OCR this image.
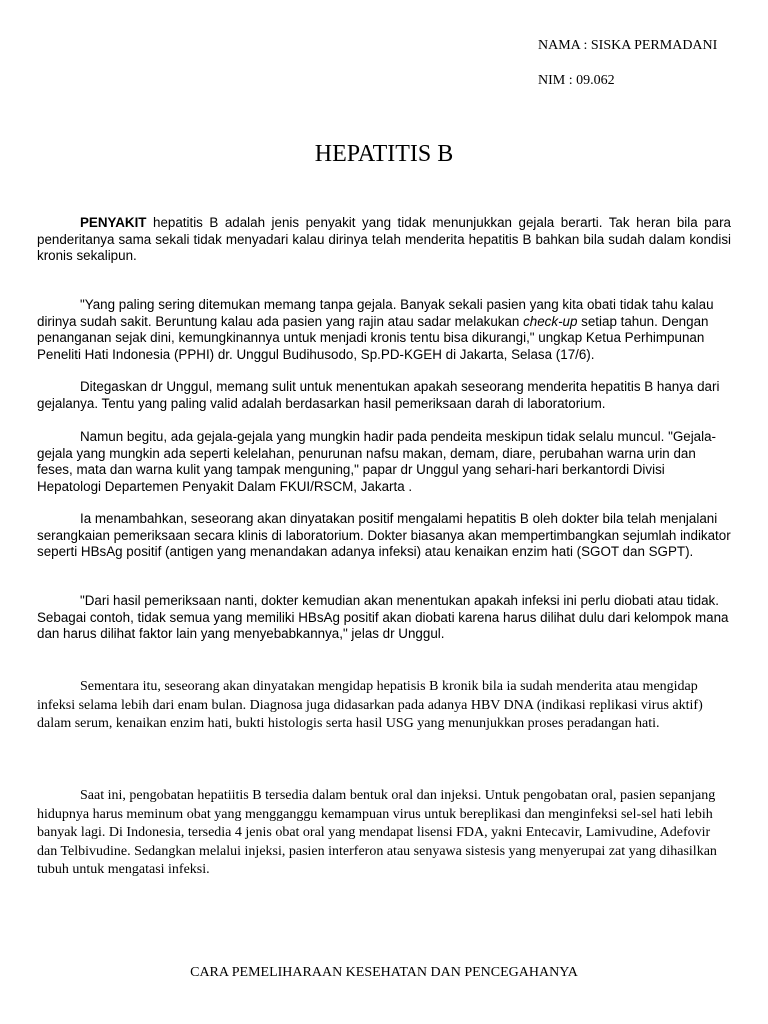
NAMA : SISKA PERMADANI
NIM : 09.062
HEPATITIS B

PENYAKIT hepatitis B adalah jenis penyakit yang tidak menunjukkan gejala berarti. Tak heran bila para penderitanya sama sekali tidak menyadari kalau dirinya telah menderita hepatitis B bahkan bila sudah dalam kondisi kronis sekalipun.

"Yang paling sering ditemukan memang tanpa gejala. Banyak sekali pasien yang kita obati tidak tahu kalau dirinya sudah sakit. Beruntung kalau ada pasien yang rajin atau sadar melakukan check-up setiap tahun. Dengan penanganan sejak dini, kemungkinannya untuk menjadi kronis tentu bisa dikurangi," ungkap Ketua Perhimpunan Peneliti Hati Indonesia (PPHI) dr. Unggul Budihusodo, Sp.PD-KGEH di Jakarta, Selasa (17/6).

Ditegaskan dr Unggul, memang sulit untuk menentukan apakah seseorang menderita hepatitis B hanya dari gejalanya. Tentu yang paling valid adalah berdasarkan hasil pemeriksaan darah di laboratorium.

Namun begitu, ada gejala-gejala yang mungkin hadir pada pendeita meskipun tidak selalu muncul. "Gejala-gejala yang mungkin ada seperti kelelahan, penurunan nafsu makan, demam, diare, perubahan warna urin dan feses, mata dan warna kulit yang tampak menguning," papar dr Unggul yang sehari-hari berkantordi Divisi Hepatologi Departemen Penyakit Dalam FKUI/RSCM, Jakarta .

Ia menambahkan, seseorang akan dinyatakan positif mengalami hepatitis B oleh dokter bila telah menjalani serangkaian pemeriksaan secara klinis di laboratorium. Dokter biasanya akan mempertimbangkan sejumlah indikator seperti HBsAg positif (antigen yang menandakan adanya infeksi) atau kenaikan enzim hati (SGOT dan SGPT).

"Dari hasil pemeriksaan nanti, dokter kemudian akan menentukan apakah infeksi ini perlu diobati atau tidak. Sebagai contoh, tidak semua yang memiliki HBsAg positif akan diobati karena harus dilihat dulu dari kelompok mana dan harus dilihat faktor lain yang menyebabkannya," jelas dr Unggul.

Sementara itu, seseorang akan dinyatakan mengidap hepatisis B kronik bila ia sudah menderita atau mengidap infeksi selama lebih dari enam bulan. Diagnosa juga didasarkan pada adanya HBV DNA (indikasi replikasi virus aktif) dalam serum, kenaikan enzim hati, bukti histologis serta hasil USG yang menunjukkan proses peradangan hati.

Saat ini, pengobatan hepatiitis B tersedia dalam bentuk oral dan injeksi. Untuk pengobatan oral, pasien sepanjang hidupnya harus meminum obat yang mengganggu kemampuan virus untuk bereplikasi dan menginfeksi sel-sel hati lebih banyak lagi. Di Indonesia, tersedia 4 jenis obat oral yang mendapat lisensi FDA, yakni Entecavir, Lamivudine, Adefovir dan Telbivudine. Sedangkan melalui injeksi, pasien interferon atau senyawa sistesis yang menyerupai zat yang dihasilkan tubuh untuk mengatasi infeksi.

CARA PEMELIHARAAN KESEHATAN DAN PENCEGAHANYA
